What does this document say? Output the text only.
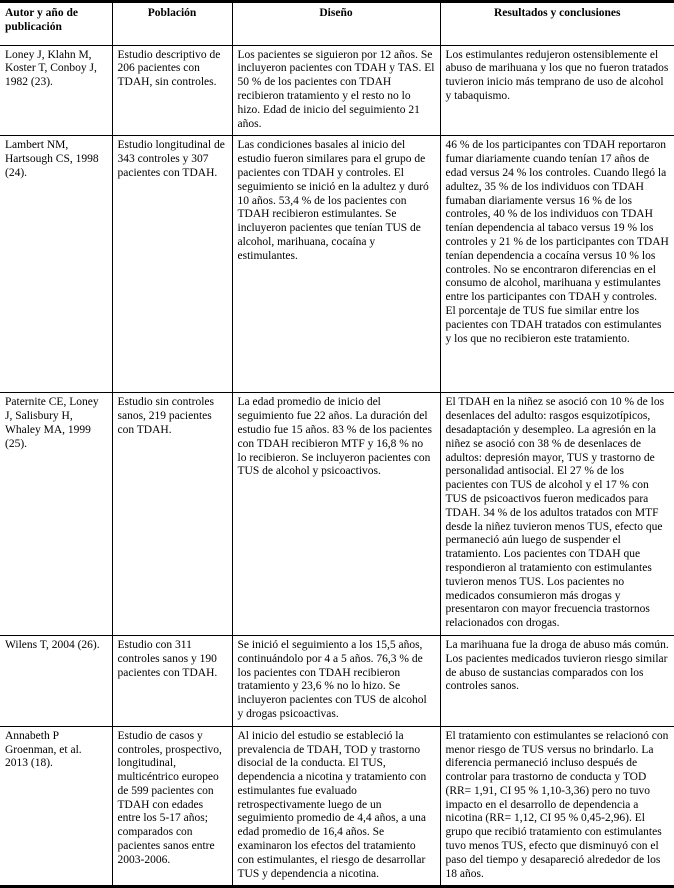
Autor y año de publicación	Población	Diseño	Resultados y conclusiones
Loney J, Klahn M, Koster T, Conboy J, 1982 (23).	Estudio descriptivo de 206 pacientes con TDAH, sin controles.	Los pacientes se siguieron por 12 años. Se incluyeron pacientes con TDAH y TAS. El 50 % de los pacientes con TDAH recibieron tratamiento y el resto no lo hizo. Edad de inicio del seguimiento 21 años.	Los estimulantes redujeron ostensiblemente el abuso de marihuana y los que no fueron tratados tuvieron inicio más temprano de uso de alcohol y tabaquismo.
Lambert NM, Hartsough CS, 1998 (24).	Estudio longitudinal de 343 controles y 307 pacientes con TDAH.	Las condiciones basales al inicio del estudio fueron similares para el grupo de pacientes con TDAH y controles. El seguimiento se inició en la adultez y duró 10 años. 53,4 % de los pacientes con TDAH recibieron estimulantes. Se incluyeron pacientes que tenían TUS de alcohol, marihuana, cocaína y estimulantes.	46 % de los participantes con TDAH reportaron fumar diariamente cuando tenían 17 años de edad versus 24 % los controles. Cuando llegó la adultez, 35 % de los individuos con TDAH fumaban diariamente versus 16 % de los controles, 40 % de los individuos con TDAH tenían dependencia al tabaco versus 19 % los controles y 21 % de los participantes con TDAH tenían dependencia a cocaína versus 10 % los controles. No se encontraron diferencias en el consumo de alcohol, marihuana y estimulantes entre los participantes con TDAH y controles. El porcentaje de TUS fue similar entre los pacientes con TDAH tratados con estimulantes y los que no recibieron este tratamiento.
Paternite CE, Loney J, Salisbury H, Whaley MA, 1999 (25).	Estudio sin controles sanos, 219 pacientes con TDAH.	La edad promedio de inicio del seguimiento fue 22 años. La duración del estudio fue 15 años. 83 % de los pacientes con TDAH recibieron MTF y 16,8 % no lo recibieron. Se incluyeron pacientes con TUS de alcohol y psicoactivos.	El TDAH en la niñez se asoció con 10 % de los desenlaces del adulto: rasgos esquizotípicos, desadaptación y desempleo. La agresión en la niñez se asoció con 38 % de desenlaces de adultos: depresión mayor, TUS y trastorno de personalidad antisocial. El 27 % de los pacientes con TUS de alcohol y el 17 % con TUS de psicoactivos fueron medicados para TDAH. 34 % de los adultos tratados con MTF desde la niñez tuvieron menos TUS, efecto que permaneció aún luego de suspender el tratamiento. Los pacientes con TDAH que respondieron al tratamiento con estimulantes tuvieron menos TUS. Los pacientes no medicados consumieron más drogas y presentaron con mayor frecuencia trastornos relacionados con drogas.
Wilens T, 2004 (26).	Estudio con 311 controles sanos y 190 pacientes con TDAH.	Se inició el seguimiento a los 15,5 años, continuándolo por 4 a 5 años. 76,3 % de los pacientes con TDAH recibieron tratamiento y 23,6 % no lo hizo. Se incluyeron pacientes con TUS de alcohol y drogas psicoactivas.	La marihuana fue la droga de abuso más común. Los pacientes medicados tuvieron riesgo similar de abuso de sustancias comparados con los controles sanos.
Annabeth P Groenman, et al. 2013 (18).	Estudio de casos y controles, prospectivo, longitudinal, multicéntrico europeo de 599 pacientes con TDAH con edades entre los 5-17 años; comparados con pacientes sanos entre 2003-2006.	Al inicio del estudio se estableció la prevalencia de TDAH, TOD y trastorno disocial de la conducta. El TUS, dependencia a nicotina y tratamiento con estimulantes fue evaluado retrospectivamente luego de un seguimiento promedio de 4,4 años, a una edad promedio de 16,4 años. Se examinaron los efectos del tratamiento con estimulantes, el riesgo de desarrollar TUS y dependencia a nicotina.	El tratamiento con estimulantes se relacionó con menor riesgo de TUS versus no brindarlo. La diferencia permaneció incluso después de controlar para trastorno de conducta y TOD (RR= 1,91, CI 95 % 1,10-3,36) pero no tuvo impacto en el desarrollo de dependencia a nicotina (RR= 1,12, CI 95 % 0,45-2,96). El grupo que recibió tratamiento con estimulantes tuvo menos TUS, efecto que disminuyó con el paso del tiempo y desapareció alrededor de los 18 años.
